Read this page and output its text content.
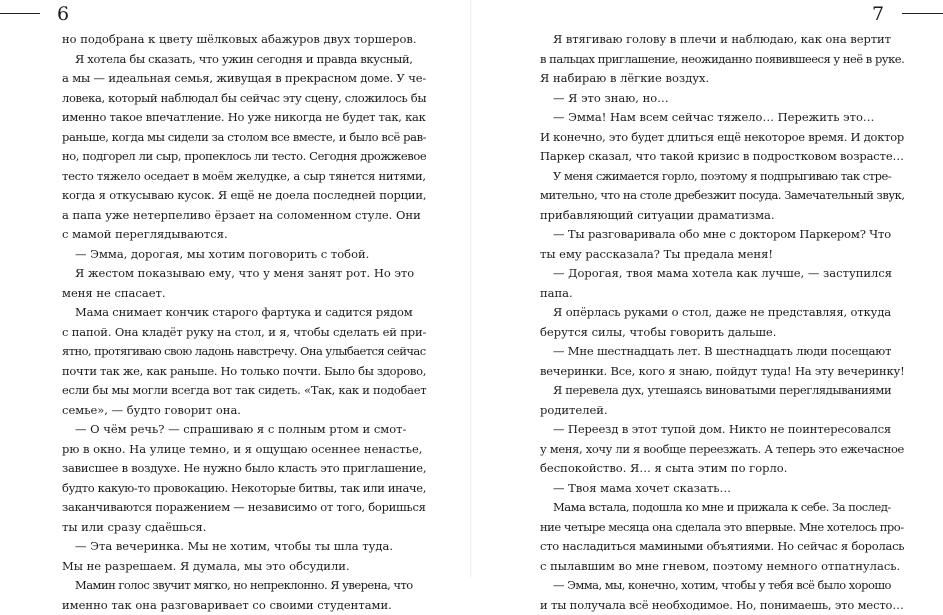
6	7
но подобрана к цвету шёлковых абажуров двух торшеров.
Я хотела бы сказать, что ужин сегодня и правда вкусный,
а мы — идеальная семья, живущая в прекрасном доме. У че-
ловека, который наблюдал бы сейчас эту сцену, сложилось бы
именно такое впечатление. Но уже никогда не будет так, как
раньше, когда мы сидели за столом все вместе, и было всё рав-
но, подгорел ли сыр, пропеклось ли тесто. Сегодня дрожжевое
тесто тяжело оседает в моём желудке, а сыр тянется нитями,
когда я откусываю кусок. Я ещё не доела последней порции,
а папа уже нетерпеливо ёрзает на соломенном стуле. Они
с мамой переглядываются.
— Эмма, дорогая, мы хотим поговорить с тобой.
Я жестом показываю ему, что у меня занят рот. Но это
меня не спасает.
Мама снимает кончик старого фартука и садится рядом
с папой. Она кладёт руку на стол, и я, чтобы сделать ей при-
ятно, протягиваю свою ладонь навстречу. Она улыбается сейчас
почти так же, как раньше. Но только почти. Было бы здорово,
если бы мы могли всегда вот так сидеть. «Так, как и подобает
семье», — будто говорит она.
— О чём речь? — спрашиваю я с полным ртом и смот-
рю в окно. На улице темно, и я ощущаю осеннее ненастье,
зависшее в воздухе. Не нужно было класть это приглашение,
будто какую-то провокацию. Некоторые битвы, так или иначе,
заканчиваются поражением — независимо от того, боришься
ты или сразу сдаёшься.
— Эта вечеринка. Мы не хотим, чтобы ты шла туда.
Мы не разрешаем. Я думала, мы это обсудили.
Мамин голос звучит мягко, но непреклонно. Я уверена, что
именно так она разговаривает со своими студентами.
Я втягиваю голову в плечи и наблюдаю, как она вертит
в пальцах приглашение, неожиданно появившееся у неё в руке.
Я набираю в лёгкие воздух.
— Я это знаю, но…
— Эмма! Нам всем сейчас тяжело… Пережить это…
И конечно, это будет длиться ещё некоторое время. И доктор
Паркер сказал, что такой кризис в подростковом возрасте…
У меня сжимается горло, поэтому я подпрыгиваю так стре-
мительно, что на столе дребезжит посуда. Замечательный звук,
прибавляющий ситуации драматизма.
— Ты разговаривала обо мне с доктором Паркером? Что
ты ему рассказала? Ты предала меня!
— Дорогая, твоя мама хотела как лучше, — заступился
папа.
Я опёрлась руками о стол, даже не представляя, откуда
берутся силы, чтобы говорить дальше.
— Мне шестнадцать лет. В шестнадцать люди посещают
вечеринки. Все, кого я знаю, пойдут туда! На эту вечеринку!
Я перевела дух, утешаясь виноватыми переглядываниями
родителей.
— Переезд в этот тупой дом. Никто не поинтересовался
у меня, хочу ли я вообще переезжать. А теперь это ежечасное
беспокойство. Я… я сыта этим по горло.
— Твоя мама хочет сказать…
Мама встала, подошла ко мне и прижала к себе. За послед-
ние четыре месяца она сделала это впервые. Мне хотелось про-
сто насладиться мамиными объятиями. Но сейчас я боролась
с пылавшим во мне гневом, поэтому немного отпатнулась.
— Эмма, мы, конечно, хотим, чтобы у тебя всё было хорошо
и ты получала всё необходимое. Но, понимаешь, это место…
